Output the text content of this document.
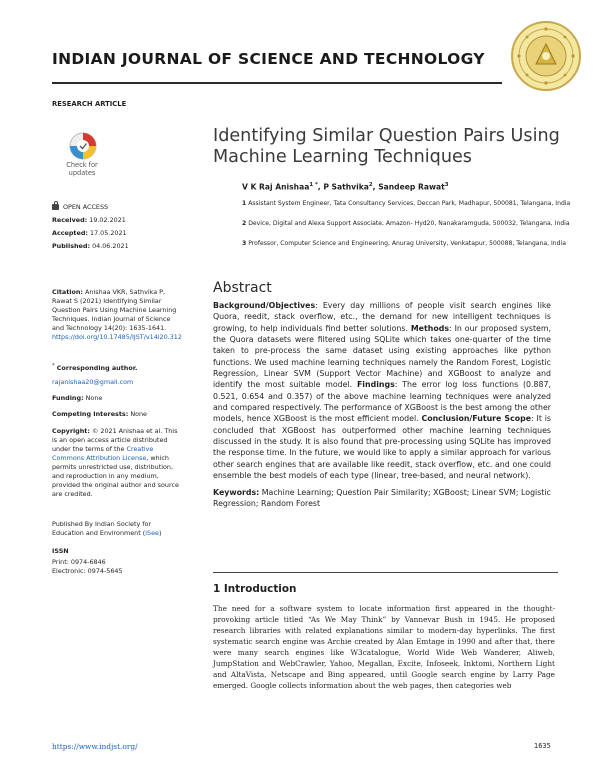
INDIAN JOURNAL OF SCIENCE AND TECHNOLOGY
RESEARCH ARTICLE
Check for
updates
OPEN ACCESS
Received: 19.02.2021
Accepted: 17.05.2021
Published: 04.06.2021
Citation: Anishaa VKR, Sathvika P, Rawat S (2021) Identifying Similar Question Pairs Using Machine Learning Techniques. Indian Journal of Science and Technology 14(20): 1635-1641. https://doi.org/10.17485/IJST/v14i20.312
* Corresponding author.
rajanishaa20@gmail.com
Funding: None
Competing Interests: None
Copyright: © 2021 Anishaa et al. This is an open access article distributed under the terms of the Creative Commons Attribution License, which permits unrestricted use, distribution, and reproduction in any medium, provided the original author and source are credited.
Published By Indian Society for Education and Environment (iSee)
ISSN
Print: 0974-6846
Electronic: 0974-5645
Identifying Similar Question Pairs Using Machine Learning Techniques
V K Raj Anishaa$^{1 *}$, P Sathvika$^2$, Sandeep Rawat$^3$
1 Assistant System Engineer, Tata Consultancy Services, Deccan Park, Madhapur, 500081, Telangana, India
2 Device, Digital and Alexa Support Associate, Amazon- Hyd20, Nanakaramguda, 500032, Telangana, India
3 Professor, Computer Science and Engineering, Anurag University, Venkatapur, 500088, Telangana, India
Abstract
Background/Objectives: Every day millions of people visit search engines like Quora, reedit, stack overflow, etc., the demand for new intelligent techniques is growing, to help individuals find better solutions. Methods: In our proposed system, the Quora datasets were filtered using SQLite which takes one-quarter of the time taken to pre-process the same dataset using existing approaches like python functions. We used machine learning techniques namely the Random Forest, Logistic Regression, Linear SVM (Support Vector Machine) and XGBoost to analyze and identify the most suitable model. Findings: The error log loss functions (0.887, 0.521, 0.654 and 0.357) of the above machine learning techniques were analyzed and compared respectively. The performance of XGBoost is the best among the other models, hence XGBoost is the most efficient model. Conclusion/Future Scope: It is concluded that XGBoost has outperformed other machine learning techniques discussed in the study. It is also found that pre-processing using SQLite has improved the response time. In the future, we would like to apply a similar approach for various other search engines that are available like reedit, stack overflow, etc. and one could ensemble the best models of each type (linear, tree-based, and neural network).
Keywords: Machine Learning; Question Pair Similarity; XGBoost; Linear SVM; Logistic Regression; Random Forest
1 Introduction
The need for a software system to locate information first appeared in the thought-provoking article titled “As We May Think” by Vannevar Bush in 1945. He proposed research libraries with related explanations similar to modern-day hyperlinks. The first systematic search engine was Archie created by Alan Emtage in 1990 and after that, there were many search engines like W3catalogue, World Wide Web Wanderer, Aliweb, JumpStation and WebCrawler, Yahoo, Megallan, Excite, Infoseek, Inktomi, Northern Light and AltaVista, Netscape and Bing appeared, until Google search engine by Larry Page emerged. Google collects information about the web pages, then categories web
https://www.indjst.org/	1635
